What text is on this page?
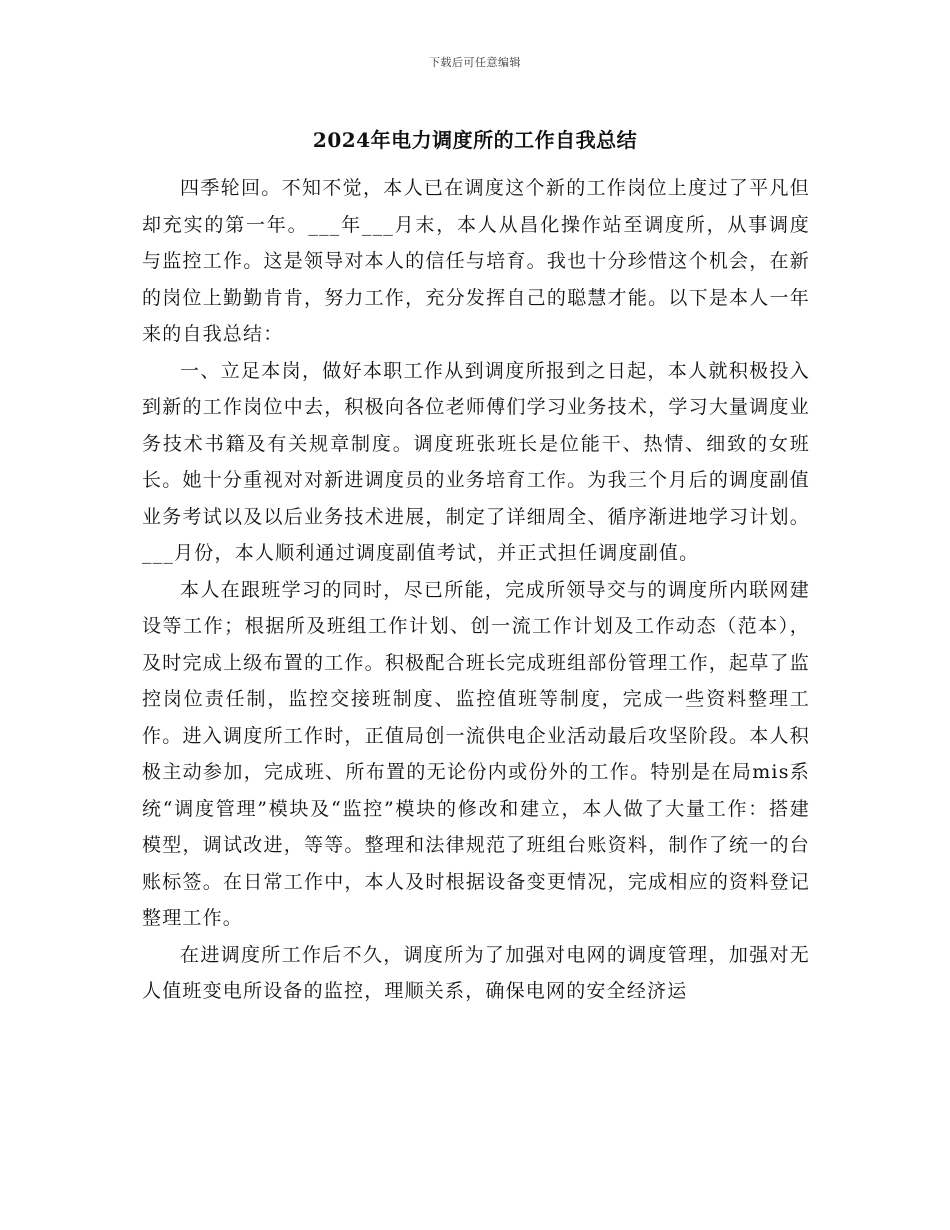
下载后可任意编辑
2024年电力调度所的工作自我总结

四季轮回。不知不觉，本人已在调度这个新的工作岗位上度过了平凡但却充实的第一年。___年___月末，本人从昌化操作站至调度所，从事调度与监控工作。这是领导对本人的信任与培育。我也十分珍惜这个机会，在新的岗位上勤勤肯肯，努力工作，充分发挥自己的聪慧才能。以下是本人一年来的自我总结：

一、立足本岗，做好本职工作从到调度所报到之日起，本人就积极投入到新的工作岗位中去，积极向各位老师傅们学习业务技术，学习大量调度业务技术书籍及有关规章制度。调度班张班长是位能干、热情、细致的女班长。她十分重视对对新进调度员的业务培育工作。为我三个月后的调度副值业务考试以及以后业务技术进展，制定了详细周全、循序渐进地学习计划。___月份，本人顺利通过调度副值考试，并正式担任调度副值。

本人在跟班学习的同时，尽已所能，完成所领导交与的调度所内联网建设等工作；根据所及班组工作计划、创一流工作计划及工作动态（范本），及时完成上级布置的工作。积极配合班长完成班组部份管理工作，起草了监控岗位责任制，监控交接班制度、监控值班等制度，完成一些资料整理工作。进入调度所工作时，正值局创一流供电企业活动最后攻坚阶段。本人积极主动参加，完成班、所布置的无论份内或份外的工作。特别是在局mis系统“调度管理”模块及“监控”模块的修改和建立，本人做了大量工作：搭建模型，调试改进，等等。整理和法律规范了班组台账资料，制作了统一的台账标签。在日常工作中，本人及时根据设备变更情况，完成相应的资料登记整理工作。

在进调度所工作后不久，调度所为了加强对电网的调度管理，加强对无人值班变电所设备的监控，理顺关系，确保电网的安全经济运
